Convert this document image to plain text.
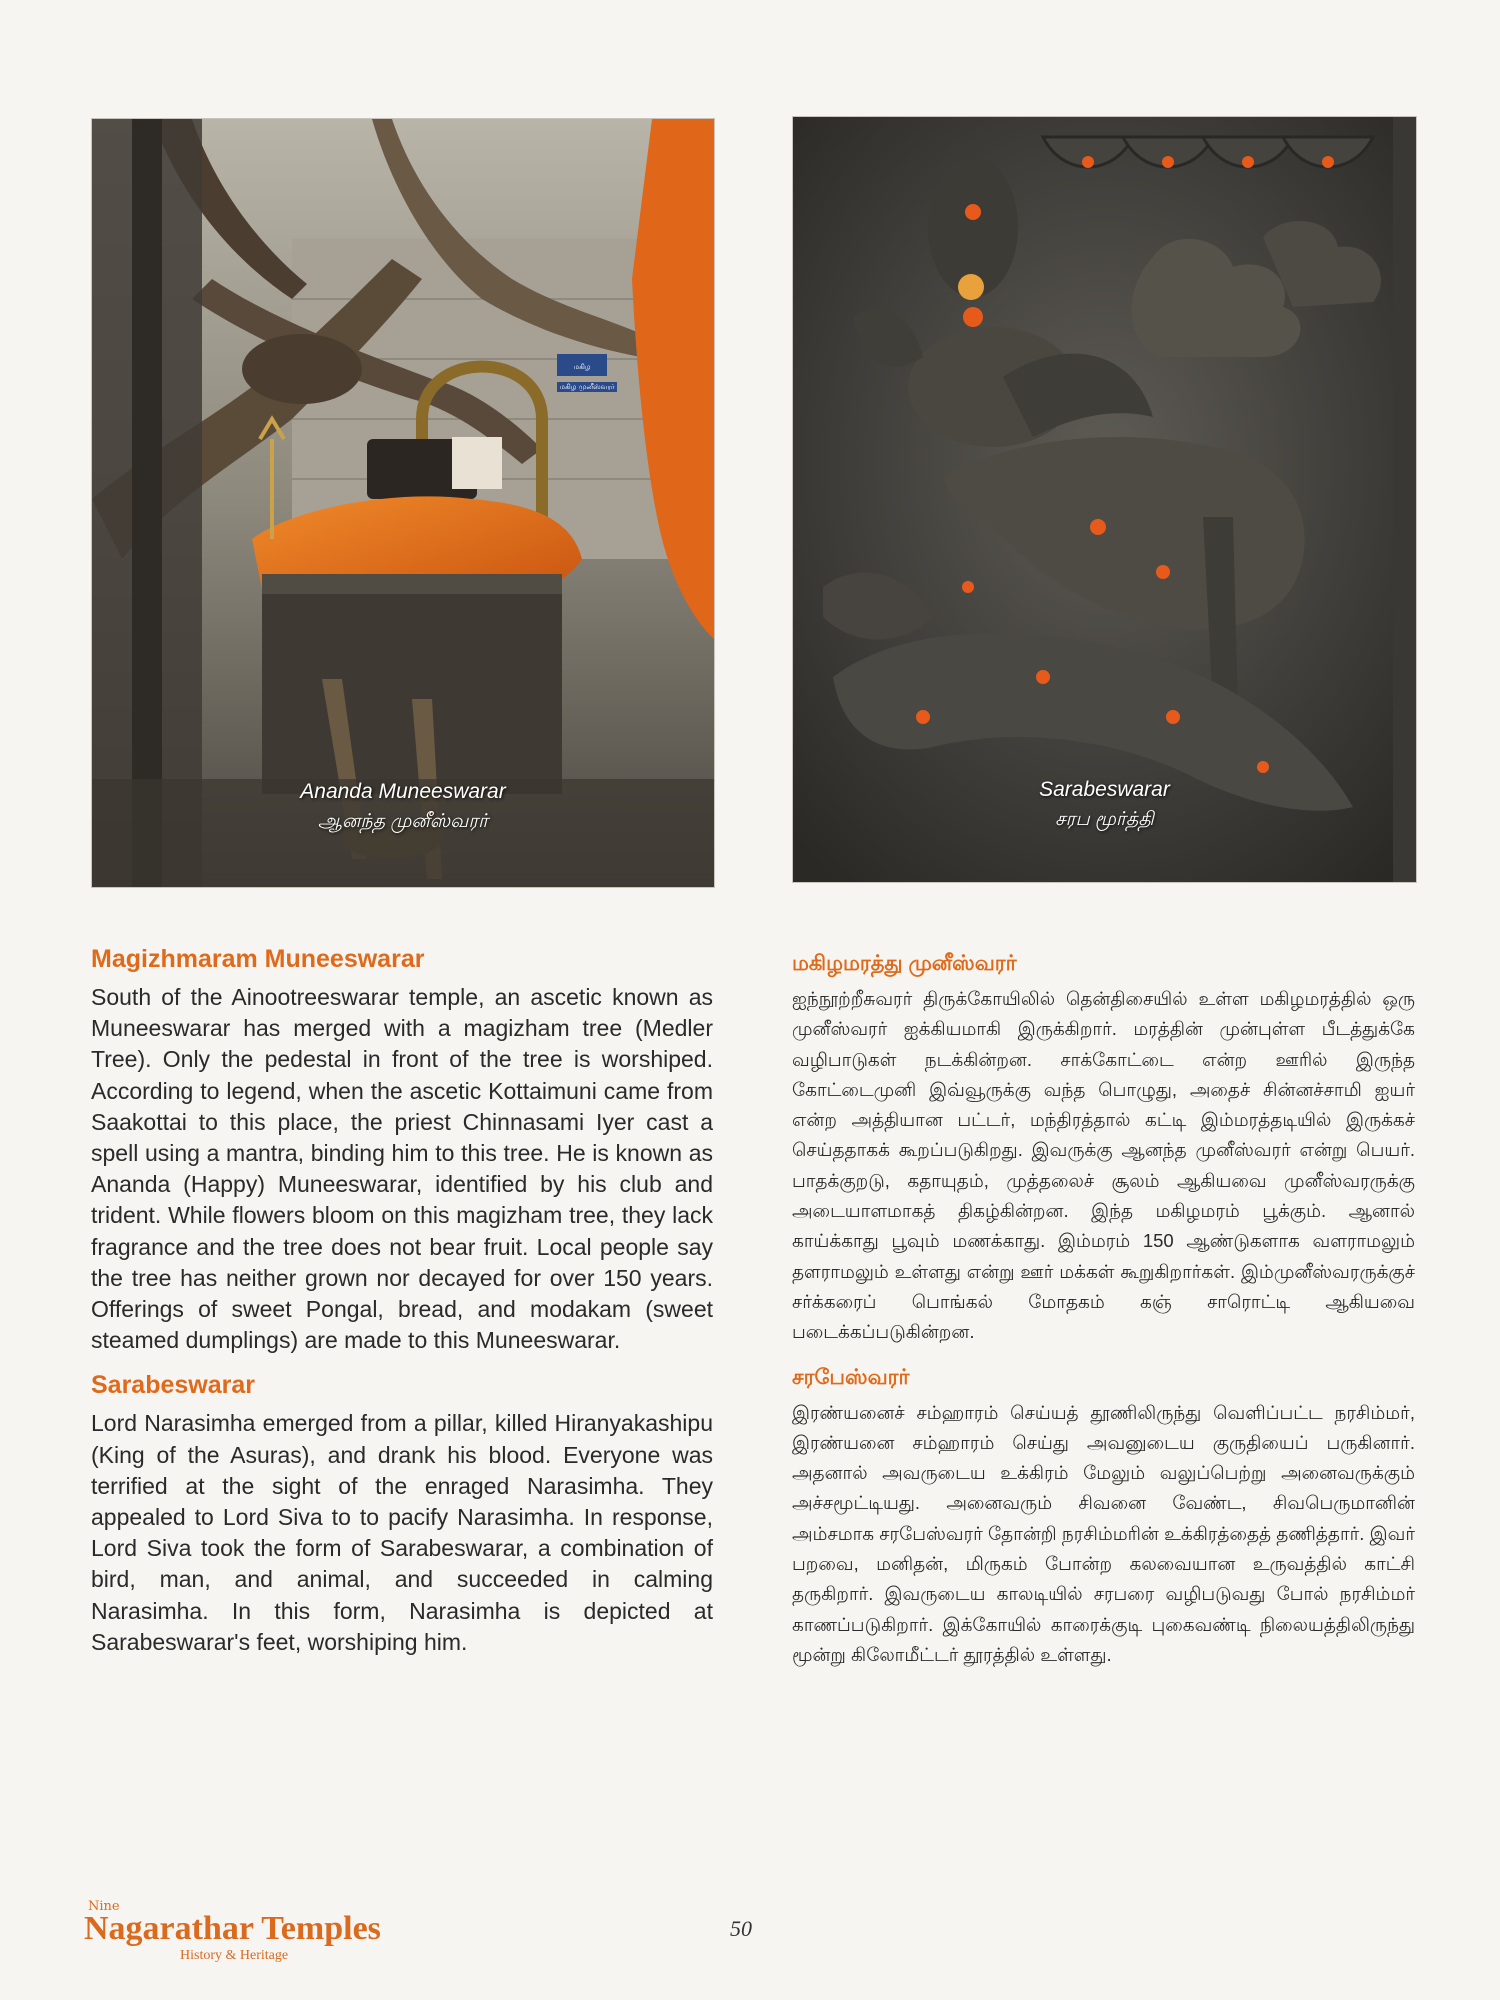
மகிழ
Ananda Muneeswarar
ஆனந்த முனீஸ்வரர்
மகிழ முனீஸ்வரர்
Sarabeswarar
சரப மூர்த்தி
Magizhmaram Muneeswarar

South of the Ainootreeswarar temple, an ascetic known as Muneeswarar has merged with a magizham tree (Medler Tree). Only the pedestal in front of the tree is worshiped. According to legend, when the ascetic Kottaimuni came from Saakottai to this place, the priest Chinnasami Iyer cast a spell using a mantra, binding him to this tree. He is known as Ananda (Happy) Muneeswarar, identified by his club and trident. While flowers bloom on this magizham tree, they lack fragrance and the tree does not bear fruit. Local people say the tree has neither grown nor decayed for over 150 years. Offerings of sweet Pongal, bread, and modakam (sweet steamed dumplings) are made to this Muneeswarar.

Sarabeswarar

Lord Narasimha emerged from a pillar, killed Hiranyakashipu (King of the Asuras), and drank his blood. Everyone was terrified at the sight of the enraged Narasimha. They appealed to Lord Siva to to pacify Narasimha. In response, Lord Siva took the form of Sarabeswarar, a combination of bird, man, and animal, and succeeded in calming Narasimha. In this form, Narasimha is depicted at Sarabeswarar's feet, worshiping him.

மகிழமரத்து முனீஸ்வரர்

ஐந்நூற்றீசுவரர் திருக்கோயிலில் தென்திசையில் உள்ள மகிழமரத்தில் ஒரு முனீஸ்வரர் ஐக்கியமாகி இருக்கிறார். மரத்தின் முன்புள்ள பீடத்துக்கே வழிபாடுகள் நடக்கின்றன. சாக்கோட்டை என்ற ஊரில் இருந்த கோட்டைமுனி இவ்வூருக்கு வந்த பொழுது, அதைச் சின்னச்சாமி ஐயர் என்ற அத்தியான பட்டர், மந்திரத்தால் கட்டி இம்மரத்தடியில் இருக்கச் செய்ததாகக் கூறப்படுகிறது. இவருக்கு ஆனந்த முனீஸ்வரர் என்று பெயர். பாதக்குறடு, கதாயுதம், முத்தலைச் சூலம் ஆகியவை முனீஸ்வரருக்கு அடையாளமாகத் திகழ்கின்றன. இந்த மகிழமரம் பூக்கும். ஆனால் காய்க்காது பூவும் மணக்காது. இம்மரம் 150 ஆண்டுகளாக வளராமலும் தளராமலும் உள்ளது என்று ஊர் மக்கள் கூறுகிறார்கள். இம்முனீஸ்வரருக்குச் சர்க்கரைப் பொங்கல் மோதகம் கஞ் சாரொட்டி ஆகியவை படைக்கப்படுகின்றன.

சரபேஸ்வரர்

இரண்யனைச் சம்ஹாரம் செய்யத் தூணிலிருந்து வெளிப்பட்ட நரசிம்மர், இரண்யனை சம்ஹாரம் செய்து அவனுடைய குருதியைப் பருகினார். அதனால் அவருடைய உக்கிரம் மேலும் வலுப்பெற்று அனைவருக்கும் அச்சமூட்டியது. அனைவரும் சிவனை வேண்ட, சிவபெருமானின் அம்சமாக சரபேஸ்வரர் தோன்றி நரசிம்மரின் உக்கிரத்தைத் தணித்தார். இவர் பறவை, மனிதன், மிருகம் போன்ற கலவையான உருவத்தில் காட்சி தருகிறார். இவருடைய காலடியில் சரபரை வழிபடுவது போல் நரசிம்மர் காணப்படுகிறார். இக்கோயில் காரைக்குடி புகைவண்டி நிலையத்திலிருந்து மூன்று கிலோமீட்டர் தூரத்தில் உள்ளது.

Nine
Nagarathar Temples
History & Heritage
50
